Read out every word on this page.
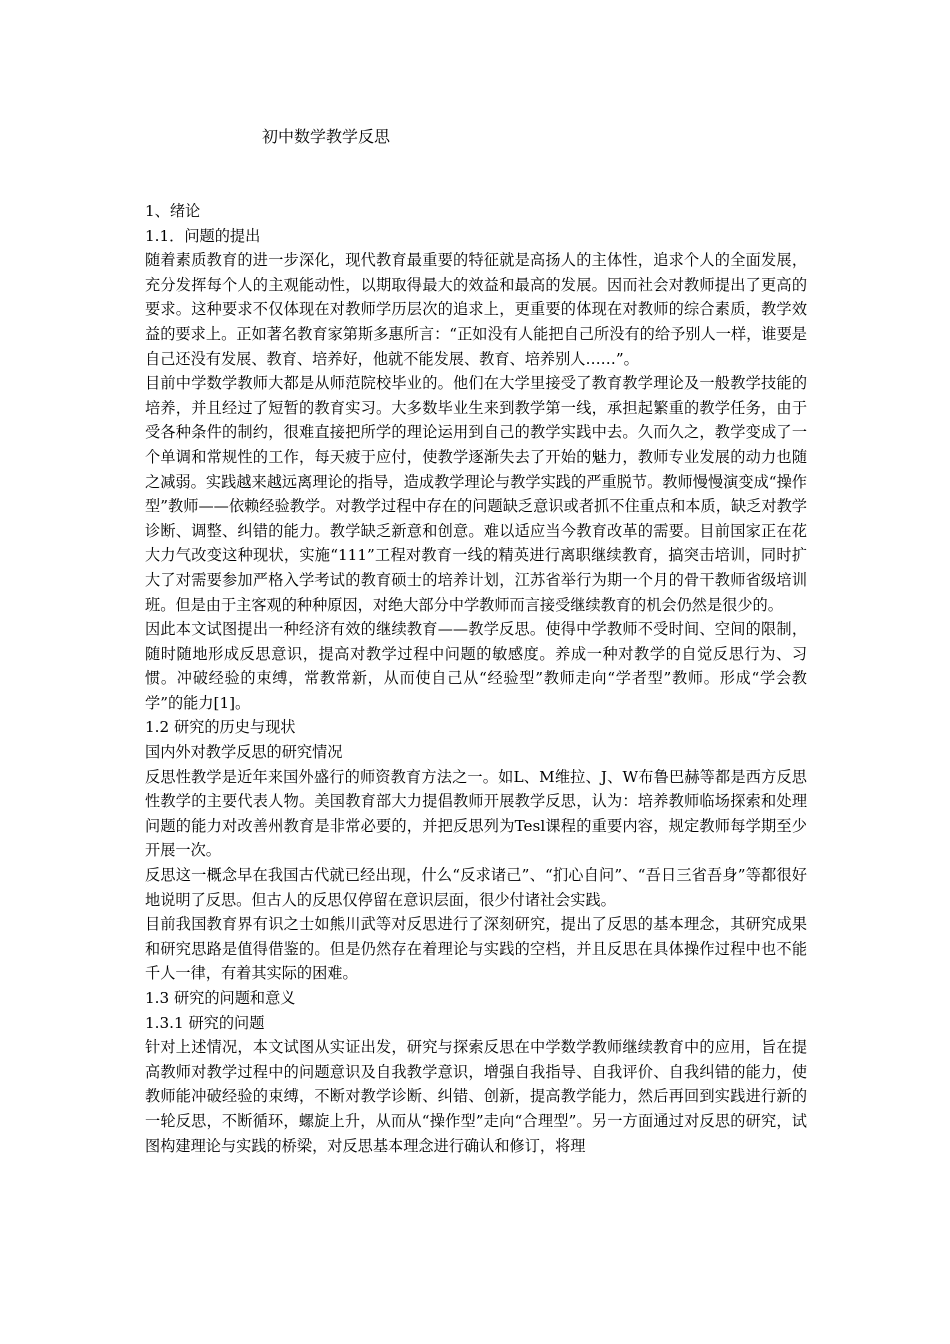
初中数学教学反思

1、绪论

1.1．问题的提出

随着素质教育的进一步深化，现代教育最重要的特征就是高扬人的主体性，追求个人的全面发展，充分发挥每个人的主观能动性，以期取得最大的效益和最高的发展。因而社会对教师提出了更高的要求。这种要求不仅体现在对教师学历层次的追求上，更重要的体现在对教师的综合素质，教学效益的要求上。正如著名教育家第斯多惠所言：“正如没有人能把自己所没有的给予别人一样，谁要是自己还没有发展、教育、培养好，他就不能发展、教育、培养别人……”。

目前中学数学教师大都是从师范院校毕业的。他们在大学里接受了教育教学理论及一般教学技能的培养，并且经过了短暂的教育实习。大多数毕业生来到教学第一线，承担起繁重的教学任务，由于受各种条件的制约，很难直接把所学的理论运用到自己的教学实践中去。久而久之，教学变成了一个单调和常规性的工作，每天疲于应付，使教学逐渐失去了开始的魅力，教师专业发展的动力也随之减弱。实践越来越远离理论的指导，造成教学理论与教学实践的严重脱节。教师慢慢演变成“操作型”教师——依赖经验教学。对教学过程中存在的问题缺乏意识或者抓不住重点和本质，缺乏对教学诊断、调整、纠错的能力。教学缺乏新意和创意。难以适应当今教育改革的需要。目前国家正在花大力气改变这种现状，实施“111”工程对教育一线的精英进行离职继续教育，搞突击培训，同时扩大了对需要参加严格入学考试的教育硕士的培养计划，江苏省举行为期一个月的骨干教师省级培训班。但是由于主客观的种种原因，对绝大部分中学教师而言接受继续教育的机会仍然是很少的。

因此本文试图提出一种经济有效的继续教育——教学反思。使得中学教师不受时间、空间的限制，随时随地形成反思意识，提高对教学过程中问题的敏感度。养成一种对教学的自觉反思行为、习惯。冲破经验的束缚，常教常新，从而使自己从“经验型”教师走向“学者型”教师。形成“学会教学”的能力[1]。

1.2 研究的历史与现状

国内外对教学反思的研究情况

反思性教学是近年来国外盛行的师资教育方法之一。如L、M维拉、J、W布鲁巴赫等都是西方反思性教学的主要代表人物。美国教育部大力提倡教师开展教学反思，认为：培养教师临场探索和处理问题的能力对改善州教育是非常必要的，并把反思列为Tesl课程的重要内容，规定教师每学期至少开展一次。

反思这一概念早在我国古代就已经出现，什么“反求诸己”、“扪心自问”、“吾日三省吾身”等都很好地说明了反思。但古人的反思仅停留在意识层面，很少付诸社会实践。

目前我国教育界有识之士如熊川武等对反思进行了深刻研究，提出了反思的基本理念，其研究成果和研究思路是值得借鉴的。但是仍然存在着理论与实践的空档，并且反思在具体操作过程中也不能千人一律，有着其实际的困难。

1.3 研究的问题和意义

1.3.1 研究的问题

针对上述情况，本文试图从实证出发，研究与探索反思在中学数学教师继续教育中的应用，旨在提高教师对教学过程中的问题意识及自我教学意识，增强自我指导、自我评价、自我纠错的能力，使教师能冲破经验的束缚，不断对教学诊断、纠错、创新，提高教学能力，然后再回到实践进行新的一轮反思，不断循环，螺旋上升，从而从“操作型”走向“合理型”。另一方面通过对反思的研究，试图构建理论与实践的桥梁，对反思基本理念进行确认和修订，将理
